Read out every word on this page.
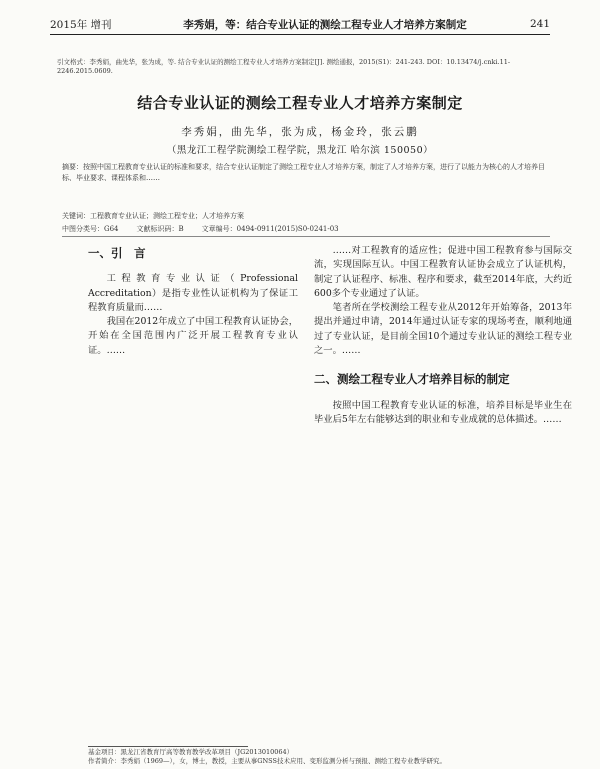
2015年 增刊	李秀娟，等：结合专业认证的测绘工程专业人才培养方案制定	241
引文格式：李秀娟，曲先华，张为成，等. 结合专业认证的测绘工程专业人才培养方案制定[J]. 测绘通报，2015(S1)：241-243. DOI：10.13474/j.cnki.11-2246.2015.0609.
结合专业认证的测绘工程专业人才培养方案制定
李秀娟，曲先华，张为成，杨金玲，张云鹏
（黑龙江工程学院测绘工程学院，黑龙江 哈尔滨 150050）
摘要：按照中国工程教育专业认证的标准和要求，结合专业认证制定了测绘工程专业人才培养方案，制定了人才培养方案，进行了以能力为核心的人才培养目标、毕业要求、课程体系和……
关键词：工程教育专业认证；测绘工程专业；人才培养方案
中图分类号：G64	文献标识码：B	文章编号：0494-0911(2015)S0-0241-03
一、引　言

工程教育专业认证（Professional Accreditation）是指专业性认证机构为了保证工程教育质量而……

我国在2012年成立了中国工程教育认证协会，开始在全国范围内广泛开展工程教育专业认证。……

……对工程教育的适应性；促进中国工程教育参与国际交流，实现国际互认。中国工程教育认证协会成立了认证机构，制定了认证程序、标准、程序和要求，截至2014年底，大约近600多个专业通过了认证。

笔者所在学校测绘工程专业从2012年开始筹备，2013年提出并通过申请，2014年通过认证专家的现场考查，顺利地通过了专业认证，是目前全国10个通过专业认证的测绘工程专业之一。……

二、测绘工程专业人才培养目标的制定

按照中国工程教育专业认证的标准，培养目标是毕业生在毕业后5年左右能够达到的职业和专业成就的总体描述。……

基金项目：黑龙江省教育厅高等教育教学改革项目（JG2013010064）
作者简介：李秀娟（1969—），女，博士，教授，主要从事GNSS技术应用、变形监测分析与预报、测绘工程专业教学研究。
